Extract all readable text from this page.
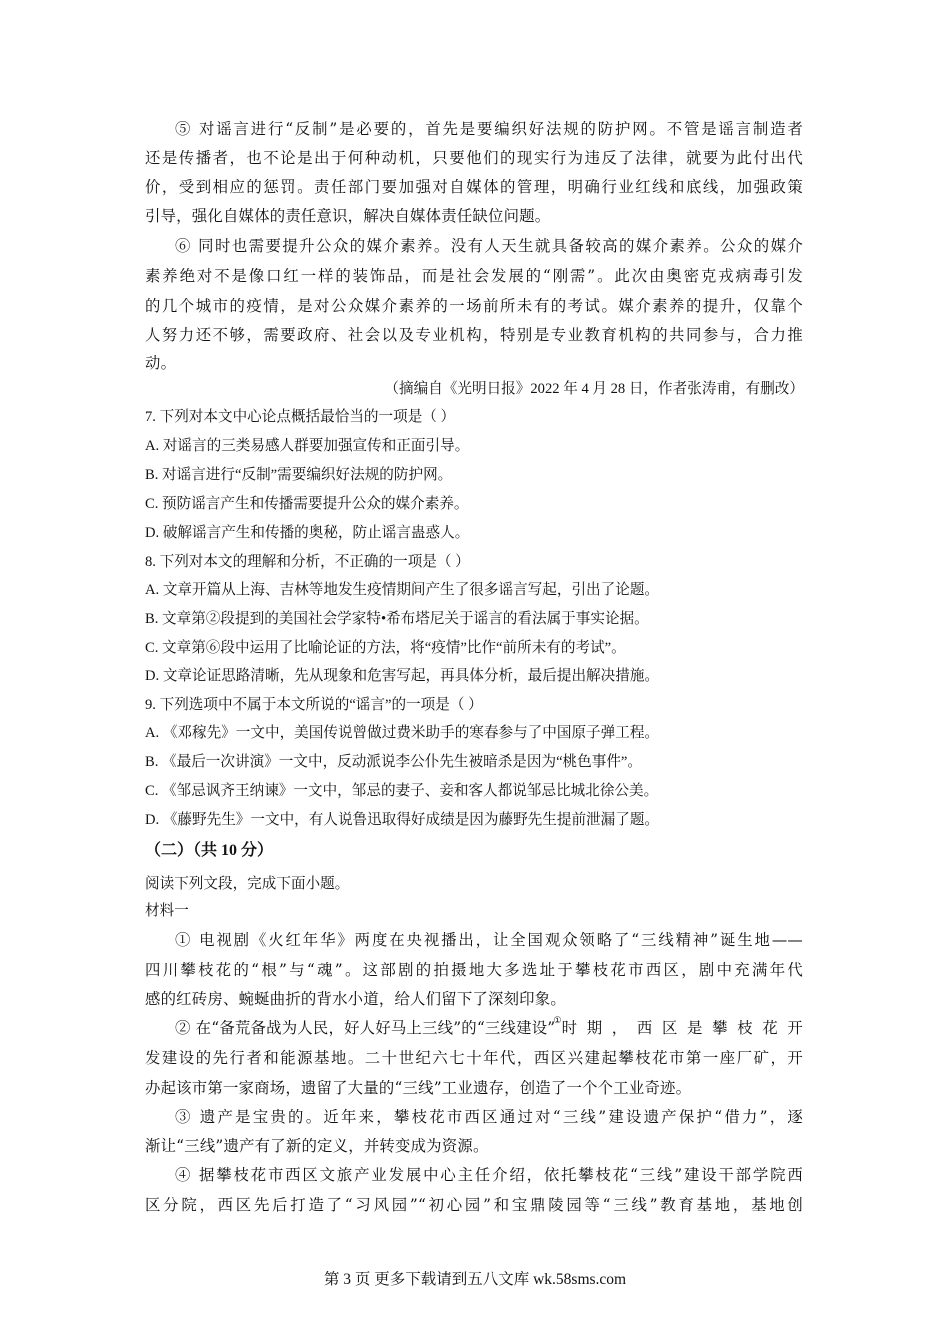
⑤ 对谣言进行“反制”是必要的，首先是要编织好法规的防护网。不管是谣言制造者
还是传播者，也不论是出于何种动机，只要他们的现实行为违反了法律，就要为此付出代
价，受到相应的惩罚。责任部门要加强对自媒体的管理，明确行业红线和底线，加强政策
引导，强化自媒体的责任意识，解决自媒体责任缺位问题。
⑥ 同时也需要提升公众的媒介素养。没有人天生就具备较高的媒介素养。公众的媒介
素养绝对不是像口红一样的装饰品，而是社会发展的“刚需”。此次由奥密克戎病毒引发
的几个城市的疫情，是对公众媒介素养的一场前所未有的考试。媒介素养的提升，仅靠个
人努力还不够，需要政府、社会以及专业机构，特别是专业教育机构的共同参与，合力推
动。
（摘编自《光明日报》2022 年 4 月 28 日，作者张涛甫，有删改）
7. 下列对本文中心论点概括最恰当的一项是（ ）
A. 对谣言的三类易感人群要加强宣传和正面引导。
B. 对谣言进行“反制”需要编织好法规的防护网。
C. 预防谣言产生和传播需要提升公众的媒介素养。
D. 破解谣言产生和传播的奥秘，防止谣言蛊惑人。
8. 下列对本文的理解和分析，不正确的一项是（ ）
A. 文章开篇从上海、吉林等地发生疫情期间产生了很多谣言写起，引出了论题。
B. 文章第②段提到的美国社会学家特•希布塔尼关于谣言的看法属于事实论据。
C. 文章第⑥段中运用了比喻论证的方法，将“疫情”比作“前所未有的考试”。
D. 文章论证思路清晰，先从现象和危害写起，再具体分析，最后提出解决措施。
9. 下列选项中不属于本文所说的“谣言”的一项是（ ）
A. 《邓稼先》一文中，美国传说曾做过费米助手的寒春参与了中国原子弹工程。
B. 《最后一次讲演》一文中，反动派说李公仆先生被暗杀是因为“桃色事件”。
C. 《邹忌讽齐王纳谏》一文中，邹忌的妻子、妾和客人都说邹忌比城北徐公美。
D. 《藤野先生》一文中，有人说鲁迅取得好成绩是因为藤野先生提前泄漏了题。
（二）（共 10 分）
阅读下列文段，完成下面小题。
材料一
① 电视剧《火红年华》两度在央视播出，让全国观众领略了“三线精神”诞生地——
四川攀枝花的“根”与“魂”。这部剧的拍摄地大多选址于攀枝花市西区，剧中充满年代
感的红砖房、蜿蜒曲折的背水小道，给人们留下了深刻印象。
② 在“备荒备战为人民，好人好马上三线”的“三线建设”
① 时期，西区是攀枝花开
发建设的先行者和能源基地。二十世纪六七十年代，西区兴建起攀枝花市第一座厂矿，开
办起该市第一家商场，遗留了大量的“三线”工业遗存，创造了一个个工业奇迹。
③ 遗产是宝贵的。近年来，攀枝花市西区通过对“三线”建设遗产保护“借力”，逐
渐让“三线”遗产有了新的定义，并转变成为资源。
④ 据攀枝花市西区文旅产业发展中心主任介绍，依托攀枝花“三线”建设干部学院西
区分院，西区先后打造了“习风园”“初心园”和宝鼎陵园等“三线”教育基地，基地创
第 3 页 更多下载请到五八文库 wk.58sms.com
